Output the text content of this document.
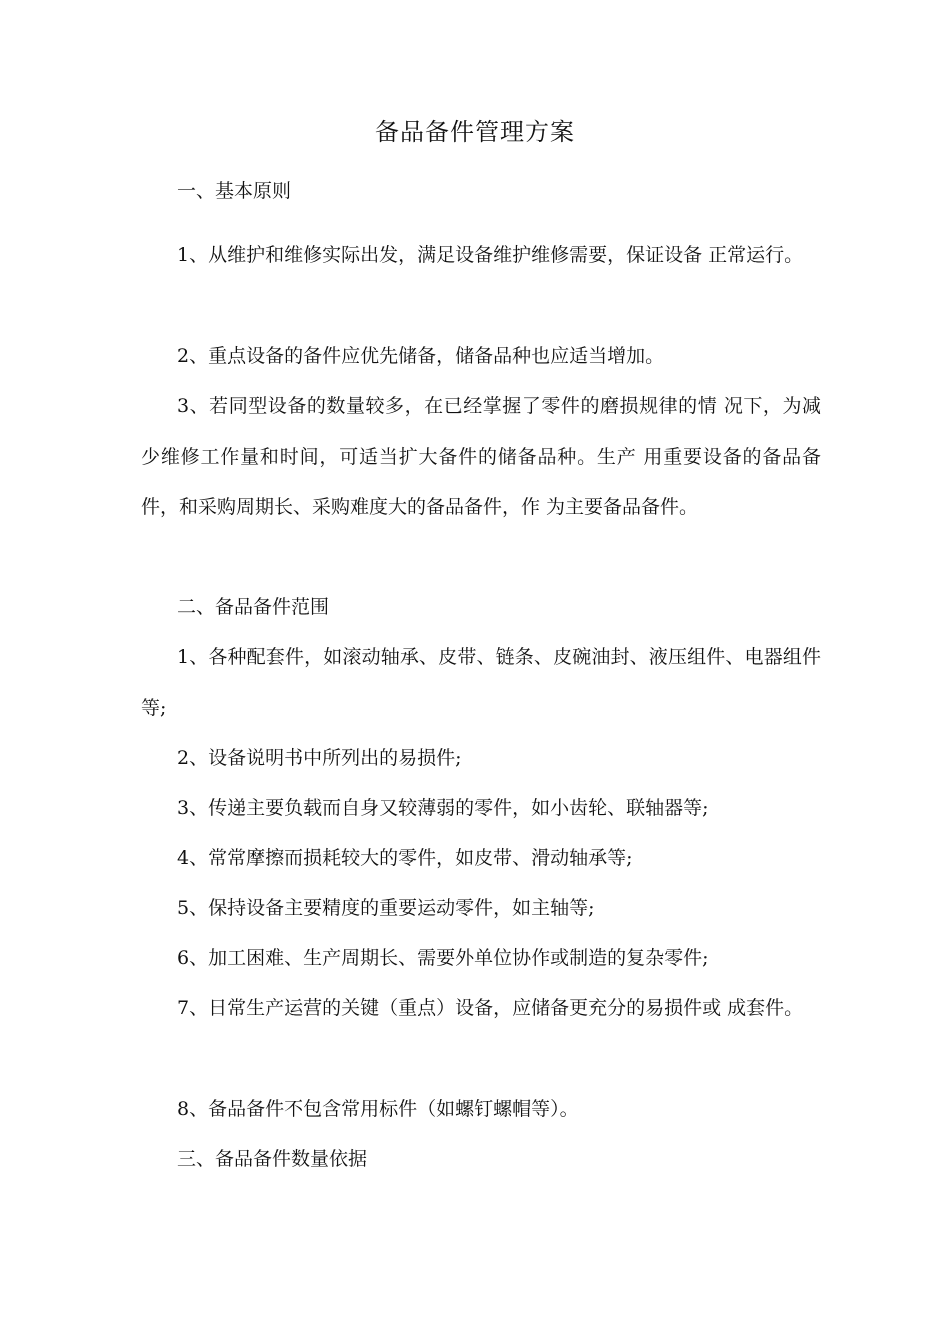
备品备件管理方案
一、基本原则
1、从维护和维修实际出发，满足设备维护维修需要，保证设备 正常运行。
2、重点设备的备件应优先储备，储备品种也应适当增加。
3、若同型设备的数量较多，在已经掌握了零件的磨损规律的情 况下，为减少维修工作量和时间，可适当扩大备件的储备品种。生产 用重要设备的备品备件，和采购周期长、采购难度大的备品备件，作 为主要备品备件。
二、备品备件范围
1、各种配套件，如滚动轴承、皮带、链条、皮碗油封、液压组件、电器组件等;
2、设备说明书中所列出的易损件;
3、传递主要负载而自身又较薄弱的零件，如小齿轮、联轴器等;
4、常常摩擦而损耗较大的零件，如皮带、滑动轴承等;
5、保持设备主要精度的重要运动零件，如主轴等;
6、加工困难、生产周期长、需要外单位协作或制造的复杂零件;
7、日常生产运营的关键（重点）设备，应储备更充分的易损件或 成套件。
8、备品备件不包含常用标件（如螺钉螺帽等）。
三、备品备件数量依据
